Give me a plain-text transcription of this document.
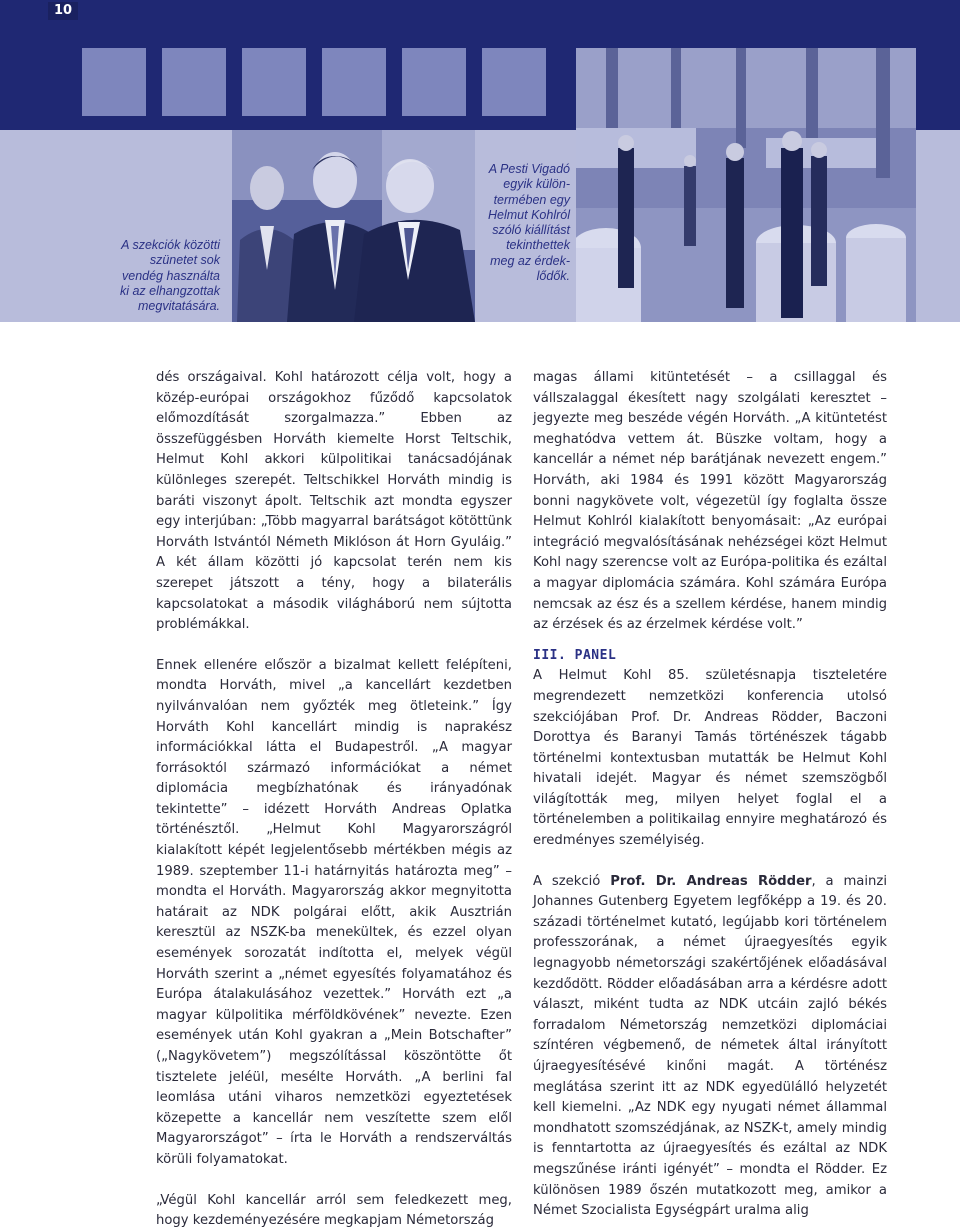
10
A szekciók közötti
szünetet sok
vendég használta
ki az elhangzottak
megvitatására.
A Pesti Vigadó
egyik külön-
termében egy
Helmut Kohlról
szóló kiállítást
tekinthettek
meg az érdek-
lődők.

dés országaival. Kohl határozott célja volt, hogy a közép-európai országokhoz fűződő kapcsolatok előmozdítását szorgalmazza.” Ebben az összefüggésben Horváth kiemelte Horst Teltschik, Helmut Kohl akkori külpolitikai tanácsadójának különleges szerepét. Teltschikkel Horváth mindig is baráti viszonyt ápolt. Teltschik azt mondta egyszer egy interjúban: „Több magyarral barátságot kötöttünk Horváth Istvántól Németh Miklóson át Horn Gyuláig.” A két állam közötti jó kapcsolat terén nem kis szerepet játszott a tény, hogy a bilaterális kapcsolatokat a második világháború nem sújtotta problémákkal.

Ennek ellenére először a bizalmat kellett felépíteni, mondta Horváth, mivel „a kancellárt kezdetben nyilvánvalóan nem győzték meg ötleteink.” Így Horváth Kohl kancellárt mindig is naprakész információkkal látta el Budapestről. „A magyar forrásoktól származó információkat a német diplomácia megbízhatónak és irányadónak tekintette” – idézett Horváth Andreas Oplatka történésztől. „Helmut Kohl Magyarországról kialakított képét legjelentősebb mértékben mégis az 1989. szeptember 11-i határnyitás határozta meg” – mondta el Horváth. Magyarország akkor megnyitotta határait az NDK polgárai előtt, akik Ausztrián keresztül az NSZK-ba menekültek, és ezzel olyan események sorozatát indította el, melyek végül Horváth szerint a „német egyesítés folyamatához és Európa átalakulásához vezettek.” Horváth ezt „a magyar külpolitika mérföldkövének” nevezte. Ezen események után Kohl gyakran a „Mein Botschafter” („Nagykövetem”) megszólítással köszöntötte őt tisztelete jeléül, mesélte Horváth. „A berlini fal leomlása utáni viharos nemzetközi egyeztetések közepette a kancellár nem veszítette szem elől Magyarországot” – írta le Horváth a rendszerváltás körüli folyamatokat.

„Végül Kohl kancellár arról sem feledkezett meg, hogy kezdeményezésére megkapjam Németország

magas állami kitüntetését – a csillaggal és vállszalaggal ékesített nagy szolgálati keresztet – jegyezte meg beszéde végén Horváth. „A kitüntetést meghatódva vettem át. Büszke voltam, hogy a kancellár a német nép barátjának nevezett engem.” Horváth, aki 1984 és 1991 között Magyarország bonni nagykövete volt, végezetül így foglalta össze Helmut Kohlról kialakított benyomásait: „Az európai integráció megvalósításának nehézségei közt Helmut Kohl nagy szerencse volt az Európa-politika és ezáltal a magyar diplomácia számára. Kohl számára Európa nemcsak az ész és a szellem kérdése, hanem mindig az érzések és az érzelmek kérdése volt.”

III. PANEL

A Helmut Kohl 85. születésnapja tiszteletére megrendezett nemzetközi konferencia utolsó szekciójában Prof. Dr. Andreas Rödder, Baczoni Dorottya és Baranyi Tamás történészek tágabb történelmi kontextusban mutatták be Helmut Kohl hivatali idejét. Magyar és német szemszögből világították meg, milyen helyet foglal el a történelemben a politikailag ennyire meghatározó és eredményes személyiség.

A szekció Prof. Dr. Andreas Rödder, a mainzi Johannes Gutenberg Egyetem legfőképp a 19. és 20. századi történelmet kutató, legújabb kori történelem professzorának, a német újraegyesítés egyik legnagyobb németországi szakértőjének előadásával kezdődött. Rödder előadásában arra a kérdésre adott választ, miként tudta az NDK utcáin zajló békés forradalom Németország nemzetközi diplomáciai színtéren végbemenő, de németek által irányított újraegyesítésévé kinőni magát. A történész meglátása szerint itt az NDK egyedülálló helyzetét kell kiemelni. „Az NDK egy nyugati német állammal mondhatott szomszédjának, az NSZK-t, amely mindig is fenntartotta az újraegyesítés és ezáltal az NDK megszűnése iránti igényét” – mondta el Rödder. Ez különösen 1989 őszén mutatkozott meg, amikor a Német Szocialista Egységpárt uralma alig
